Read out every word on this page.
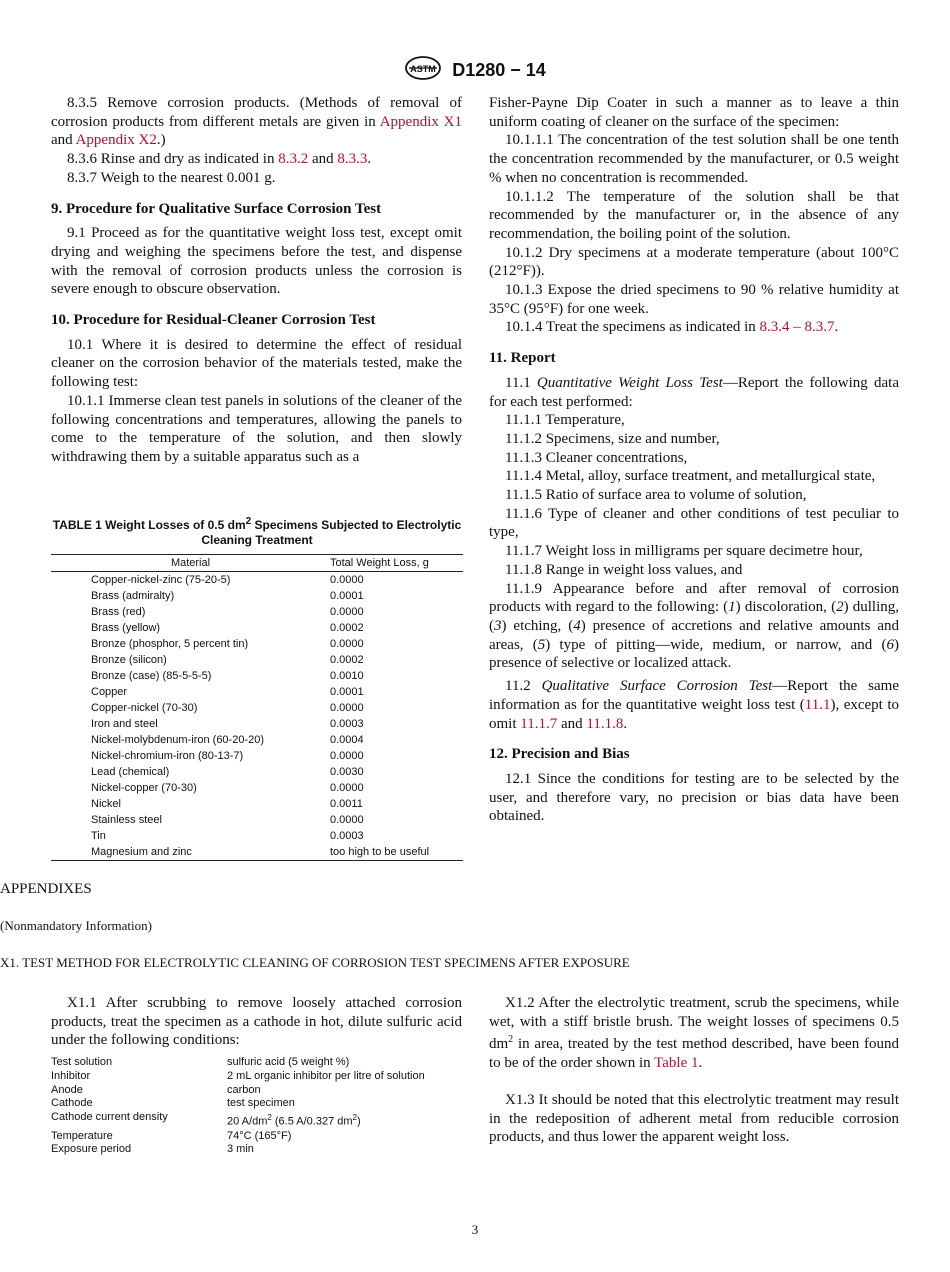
ASTM D1280 − 14

8.3.5 Remove corrosion products. (Methods of removal of corrosion products from different metals are given in Appendix X1 and Appendix X2.)

8.3.6 Rinse and dry as indicated in 8.3.2 and 8.3.3.

8.3.7 Weigh to the nearest 0.001 g.

9. Procedure for Qualitative Surface Corrosion Test

9.1 Proceed as for the quantitative weight loss test, except omit drying and weighing the specimens before the test, and dispense with the removal of corrosion products unless the corrosion is severe enough to obscure observation.

10. Procedure for Residual-Cleaner Corrosion Test

10.1 Where it is desired to determine the effect of residual cleaner on the corrosion behavior of the materials tested, make the following test:

10.1.1 Immerse clean test panels in solutions of the cleaner of the following concentrations and temperatures, allowing the panels to come to the temperature of the solution, and then slowly withdrawing them by a suitable apparatus such as a

TABLE 1 Weight Losses of 0.5 $dm^2$ Specimens Subjected to Electrolytic Cleaning Treatment
Material	Total Weight Loss, g
Copper-nickel-zinc (75-20-5)	0.0000
Brass (admiralty)	0.0001
Brass (red)	0.0000
Brass (yellow)	0.0002
Bronze (phosphor, 5 percent tin)	0.0000
Bronze (silicon)	0.0002
Bronze (case) (85-5-5-5)	0.0010
Copper	0.0001
Copper-nickel (70-30)	0.0000
Iron and steel	0.0003
Nickel-molybdenum-iron (60-20-20)	0.0004
Nickel-chromium-iron (80-13-7)	0.0000
Lead (chemical)	0.0030
Nickel-copper (70-30)	0.0000
Nickel	0.0011
Stainless steel	0.0000
Tin	0.0003
Magnesium and zinc	too high to be useful

Fisher-Payne Dip Coater in such a manner as to leave a thin uniform coating of cleaner on the surface of the specimen:

10.1.1.1 The concentration of the test solution shall be one tenth the concentration recommended by the manufacturer, or 0.5 weight % when no concentration is recommended.

10.1.1.2 The temperature of the solution shall be that recommended by the manufacturer or, in the absence of any recommendation, the boiling point of the solution.

10.1.2 Dry specimens at a moderate temperature (about 100°C (212°F)).

10.1.3 Expose the dried specimens to 90 % relative humidity at 35°C (95°F) for one week.

10.1.4 Treat the specimens as indicated in 8.3.4 – 8.3.7.

11. Report

11.1 Quantitative Weight Loss Test—Report the following data for each test performed:

11.1.1 Temperature,

11.1.2 Specimens, size and number,

11.1.3 Cleaner concentrations,

11.1.4 Metal, alloy, surface treatment, and metallurgical state,

11.1.5 Ratio of surface area to volume of solution,

11.1.6 Type of cleaner and other conditions of test peculiar to type,

11.1.7 Weight loss in milligrams per square decimetre hour,

11.1.8 Range in weight loss values, and

11.1.9 Appearance before and after removal of corrosion products with regard to the following: (1) discoloration, (2) dulling, (3) etching, (4) presence of accretions and relative amounts and areas, (5) type of pitting—wide, medium, or narrow, and (6) presence of selective or localized attack.

11.2 Qualitative Surface Corrosion Test—Report the same information as for the quantitative weight loss test (11.1), except to omit 11.1.7 and 11.1.8.

12. Precision and Bias

12.1 Since the conditions for testing are to be selected by the user, and therefore vary, no precision or bias data have been obtained.

APPENDIXES
(Nonmandatory Information)
X1. TEST METHOD FOR ELECTROLYTIC CLEANING OF CORROSION TEST SPECIMENS AFTER EXPOSURE

X1.1 After scrubbing to remove loosely attached corrosion products, treat the specimen as a cathode in hot, dilute sulfuric acid under the following conditions:

Test solution	sulfuric acid (5 weight %)
Inhibitor	2 mL organic inhibitor per litre of solution
Anode	carbon
Cathode	test specimen
Cathode current density	20 $A/dm^2$ (6.5 A/0.327 $dm^2$)
Temperature	74°C (165°F)
Exposure period	3 min

X1.2 After the electrolytic treatment, scrub the specimens, while wet, with a stiff bristle brush. The weight losses of specimens 0.5 $dm^2$ in area, treated by the test method described, have been found to be of the order shown in Table 1.

X1.3 It should be noted that this electrolytic treatment may result in the redeposition of adherent metal from reducible corrosion products, and thus lower the apparent weight loss.

3
